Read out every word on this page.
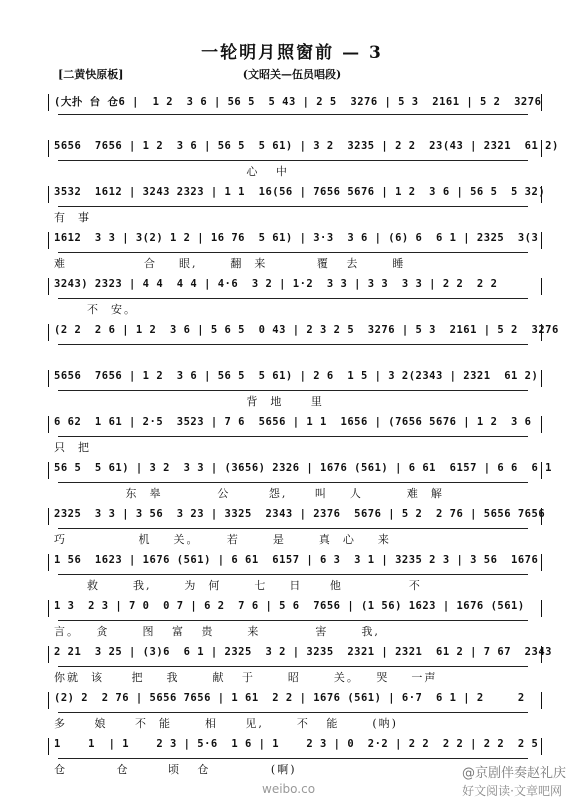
一轮明月照窗前 — 3
[二黄快原板]	(文昭关—伍员唱段)
(大扑 台 仓6 |  1 2  3 6 | 56 5  5 43 | 2 5  3276 | 5 3  2161 | 5 2  3276
5656  7656 | 1 2  3 6 | 56 5  5 61) | 3 2  3235 | 2 2  23(43 | 2321  61 2)
心   中
3532  1612 | 3243 2323 | 1 1  16(56 | 7656 5676 | 1 2  3 6 | 56 5  5 32)
有  事
1612  3 3 | 3(2) 1 2 | 16 76  5 61) | 3·3  3 6 | (6) 6  6 1 | 2325  3(3
难              合    眼,      翻  来         覆   去      睡
3243) 2323 | 4 4  4 4 | 4·6  3 2 | 1·2  3 3 | 3 3  3 3 | 2 2  2 2
不  安。
(2 2  2 6 | 1 2  3 6 | 5 6 5  0 43 | 2 3 2 5  3276 | 5 3  2161 | 5 2  3276
5656  7656 | 1 2  3 6 | 56 5  5 61) | 2 6  1 5 | 3 2(2343 | 2321  61 2)
背  地     里
6 62  1 61 | 2·5  3523 | 7 6  5656 | 1 1  1656 | (7656 5676 | 1 2  3 6
只  把
56 5  5 61) | 3 2  3 3 | (3656) 2326 | 1676 (561) | 6 61  6157 | 6 6  6 1
东  皋          公       怨,     叫    人        难  解
2325  3 3 | 3 56  3 23 | 3325  2343 | 2376  5676 | 5 2  2 76 | 5656 7656
巧             机    关。     若      是      真  心    来
1 56  1623 | 1676 (561) | 6 61  6157 | 6 3  3 1 | 3235 2 3 | 3 56  1676
救      我,      为  何      七    日     他            不
1 3  2 3 | 7 0  0 7 | 6 2  7 6 | 5 6  7656 | (1 56) 1623 | 1676 (561)
言。   贪      图   富   贵      来          害      我,
2 21  3 25 | (3)6  6 1 | 2325  3 2 | 3235  2321 | 2321  61 2 | 7 67  2343
你就  该     把    我      献   于      昭      关。   哭    一声
(2) 2  2 76 | 5656 7656 | 1 61  2 2 | 1676 (561) | 6·7  6 1 | 2     2
多     娘     不  能      相     见,      不   能      (呐)
1    1  | 1    2 3 | 5·6  1 6 | 1    2 3 | 0  2·2 | 2 2  2 2 | 2 2  2 5
仓         仓       顷   仓           (啊)
weibo.co
@京剧伴奏赵礼庆
好文阅读·文章吧网
